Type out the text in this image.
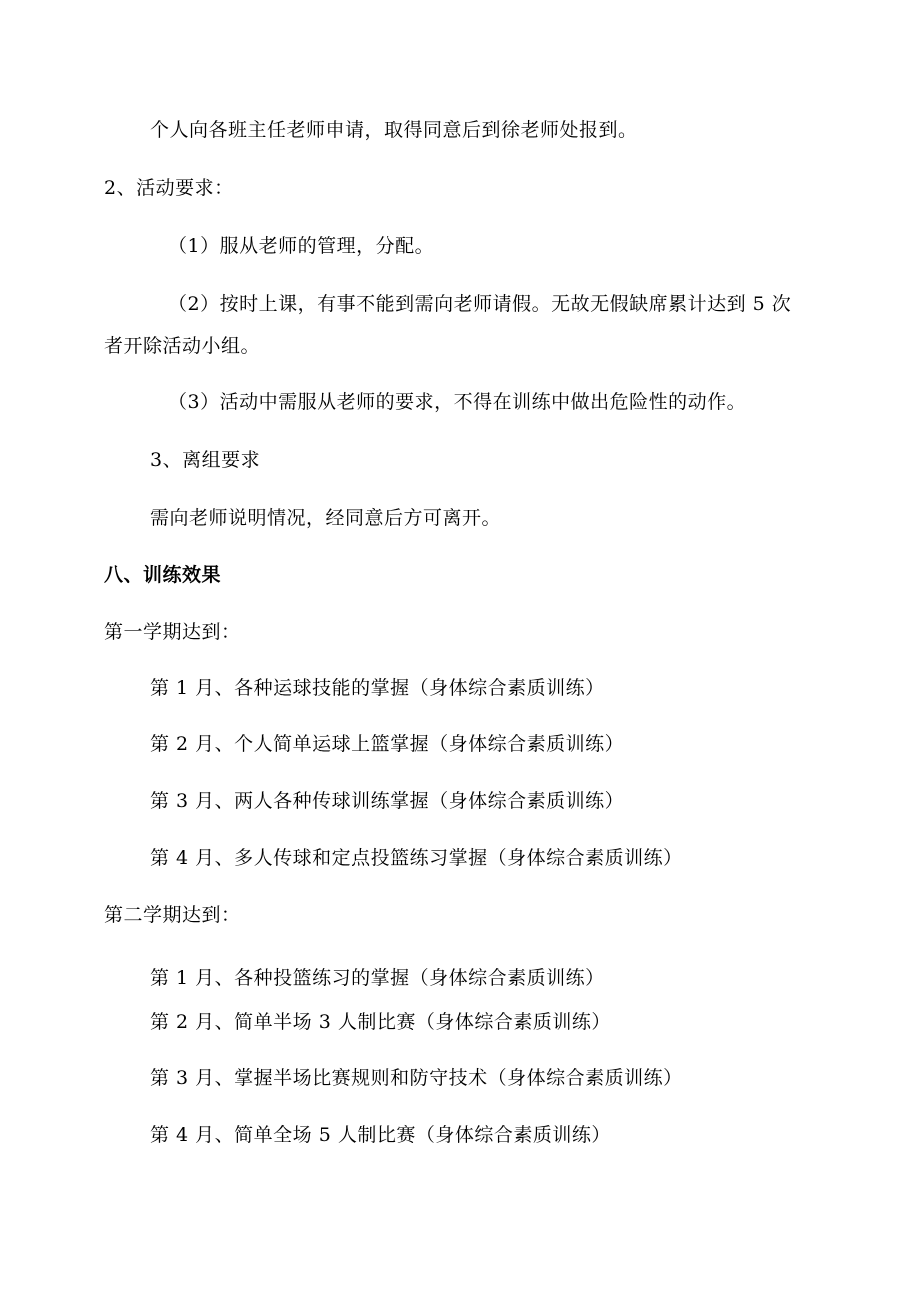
个人向各班主任老师申请，取得同意后到徐老师处报到。
2、活动要求：
（1）服从老师的管理，分配。
（2）按时上课，有事不能到需向老师请假。无故无假缺席累计达到 5 次
者开除活动小组。
（3）活动中需服从老师的要求，不得在训练中做出危险性的动作。
3、离组要求
需向老师说明情况，经同意后方可离开。
八、训练效果
第一学期达到：
第 1 月、各种运球技能的掌握（身体综合素质训练）
第 2 月、个人简单运球上篮掌握（身体综合素质训练）
第 3 月、两人各种传球训练掌握（身体综合素质训练）
第 4 月、多人传球和定点投篮练习掌握（身体综合素质训练）
第二学期达到：
第 1 月、各种投篮练习的掌握（身体综合素质训练）
第 2 月、简单半场 3 人制比赛（身体综合素质训练）
第 3 月、掌握半场比赛规则和防守技术（身体综合素质训练）
第 4 月、简单全场 5 人制比赛（身体综合素质训练）
